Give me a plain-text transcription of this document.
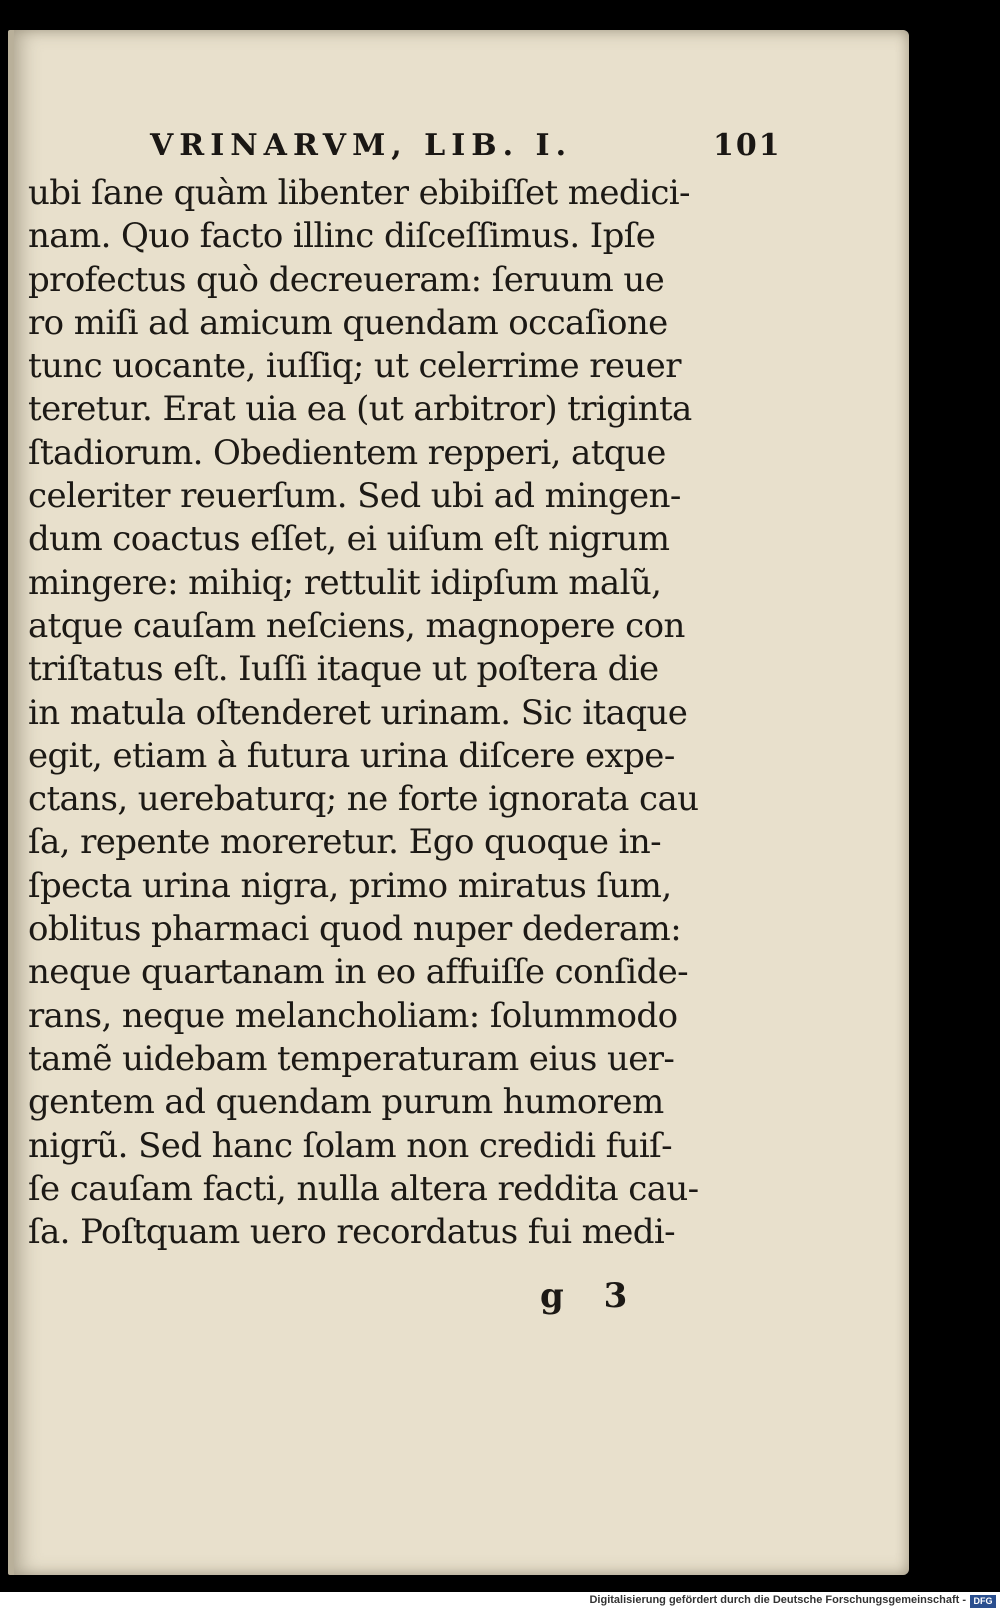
VRINARVM, LIB. I.	101
ubi ſane quàm libenter ebibiſſet medici-
nam. Quo facto illinc diſceſſimus. Ipſe
profectus quò decreueram: ſeruum ue
ro miſi ad amicum quendam occaſione
tunc uocante, iuſſiq; ut celerrime reuer
teretur. Erat uia ea (ut arbitror) triginta
ſtadiorum. Obedientem repperi, atque
celeriter reuerſum. Sed ubi ad mingen-
dum coactus eſſet, ei uiſum eſt nigrum
mingere: mihiq; rettulit idipſum malũ,
atque cauſam neſciens, magnopere con
triſtatus eſt. Iuſſi itaque ut poſtera die
in matula oſtenderet urinam. Sic itaque
egit, etiam à futura urina diſcere expe-
ctans, uerebaturq; ne forte ignorata cau
ſa, repente moreretur. Ego quoque in-
ſpecta urina nigra, primo miratus ſum,
oblitus pharmaci quod nuper dederam:
neque quartanam in eo affuiſſe conſide-
rans, neque melancholiam: ſolummodo
tamẽ uidebam temperaturam eius uer-
gentem ad quendam purum humorem
nigrũ. Sed hanc ſolam non credidi fuiſ-
ſe cauſam facti, nulla altera reddita cau-
ſa. Poſtquam uero recordatus fui medi-
g 3
Digitalisierung gefördert durch die Deutsche Forschungsgemeinschaft - DFG
